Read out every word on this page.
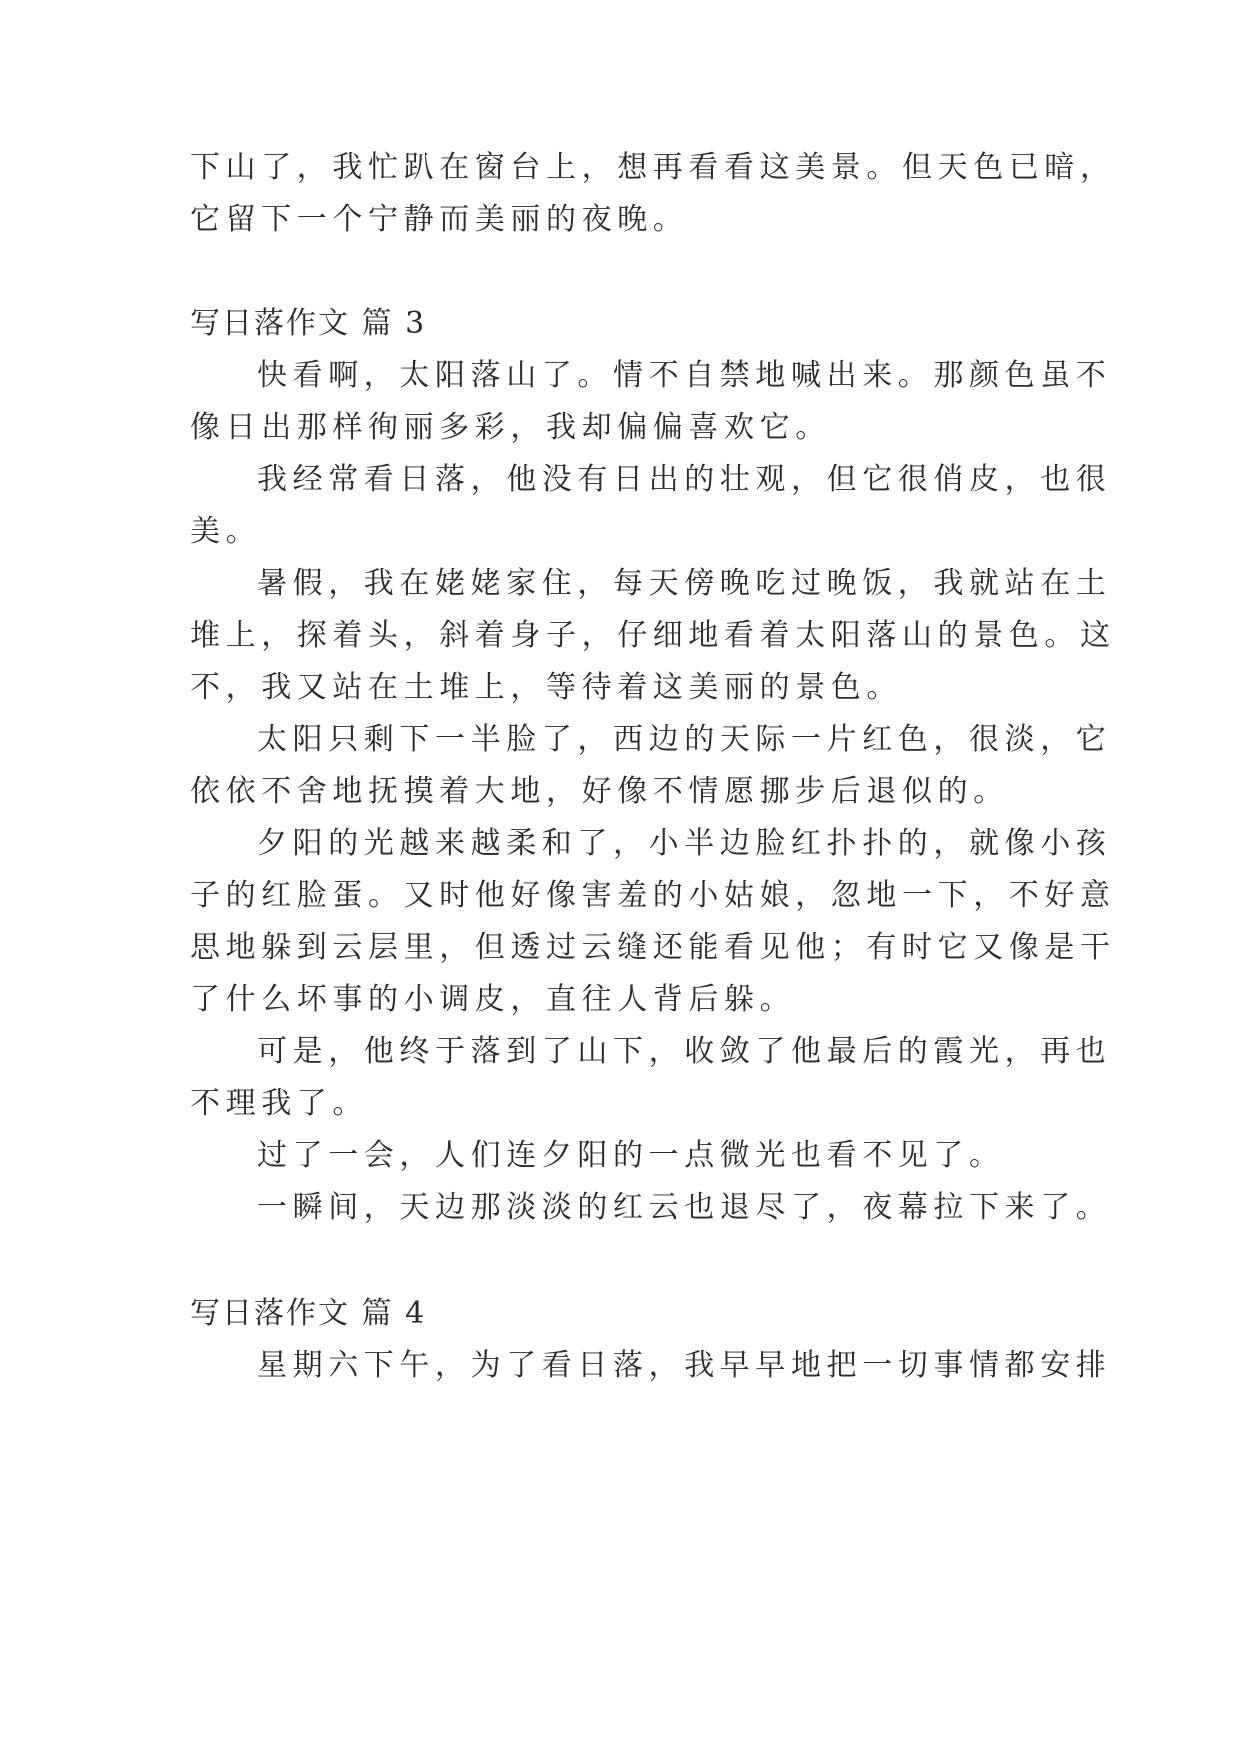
下山了，我忙趴在窗台上，想再看看这美景。但天色已暗，
它留下一个宁静而美丽的夜晚。
写日落作文 篇 3
快看啊，太阳落山了。情不自禁地喊出来。那颜色虽不
像日出那样徇丽多彩，我却偏偏喜欢它。
我经常看日落，他没有日出的壮观，但它很俏皮，也很
美。
暑假，我在姥姥家住，每天傍晚吃过晚饭，我就站在土
堆上，探着头，斜着身子，仔细地看着太阳落山的景色。这
不，我又站在土堆上，等待着这美丽的景色。
太阳只剩下一半脸了，西边的天际一片红色，很淡，它
依依不舍地抚摸着大地，好像不情愿挪步后退似的。
夕阳的光越来越柔和了，小半边脸红扑扑的，就像小孩
子的红脸蛋。又时他好像害羞的小姑娘，忽地一下，不好意
思地躲到云层里，但透过云缝还能看见他；有时它又像是干
了什么坏事的小调皮，直往人背后躲。
可是，他终于落到了山下，收敛了他最后的霞光，再也
不理我了。
过了一会，人们连夕阳的一点微光也看不见了。
一瞬间，天边那淡淡的红云也退尽了，夜幕拉下来了。
写日落作文 篇 4
星期六下午，为了看日落，我早早地把一切事情都安排
